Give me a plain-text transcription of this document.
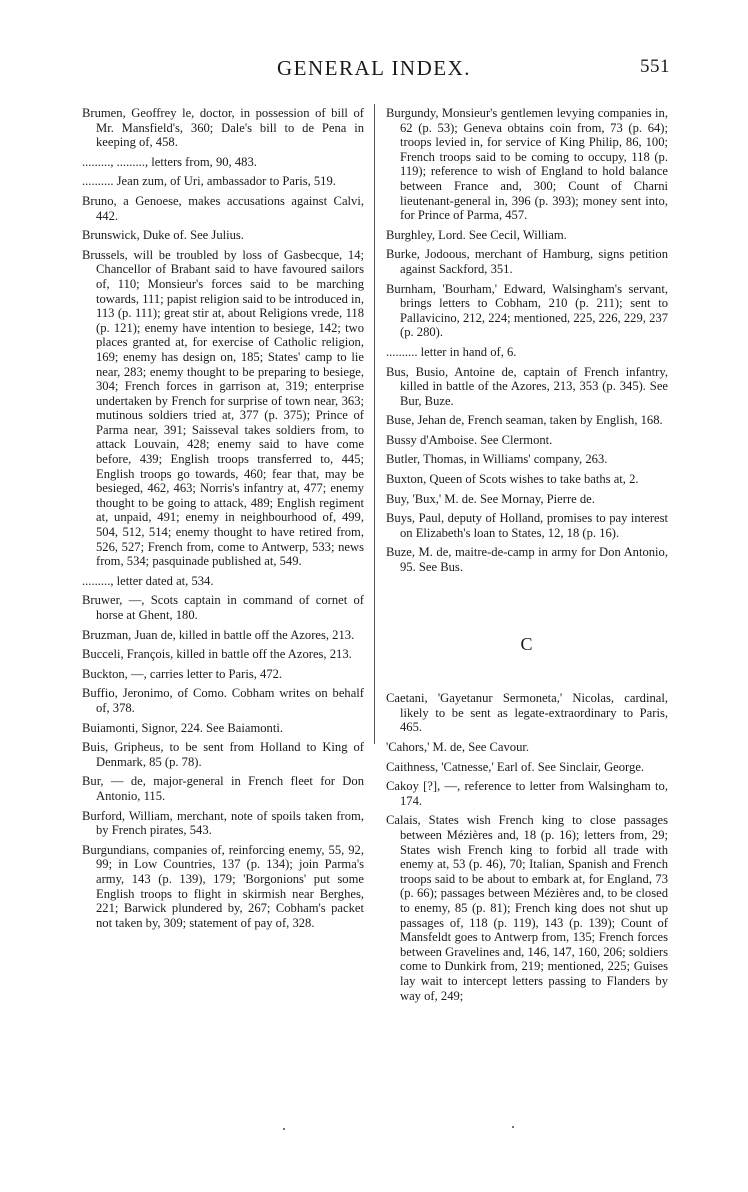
GENERAL INDEX.	551
Brumen, Geoffrey le, doctor, in possession of bill of Mr. Mansfield's, 360; Dale's bill to de Pena in keeping of, 458.
........., ........., letters from, 90, 483.
.......... Jean zum, of Uri, ambassador to Paris, 519.
Bruno, a Genoese, makes accusations against Calvi, 442.
Brunswick, Duke of. See Julius.
Brussels, will be troubled by loss of Gasbecque, 14; Chancellor of Brabant said to have favoured sailors of, 110; Monsieur's forces said to be marching towards, 111; papist religion said to be introduced in, 113 (p. 111); great stir at, about Religions vrede, 118 (p. 121); enemy have intention to besiege, 142; two places granted at, for exercise of Catholic religion, 169; enemy has design on, 185; States' camp to lie near, 283; enemy thought to be preparing to besiege, 304; French forces in garrison at, 319; enterprise undertaken by French for surprise of town near, 363; mutinous soldiers tried at, 377 (p. 375); Prince of Parma near, 391; Saisseval takes soldiers from, to attack Louvain, 428; enemy said to have come before, 439; English troops transferred to, 445; English troops go towards, 460; fear that, may be besieged, 462, 463; Norris's infantry at, 477; enemy thought to be going to attack, 489; English regiment at, unpaid, 491; enemy in neighbourhood of, 499, 504, 512, 514; enemy thought to have retired from, 526, 527; French from, come to Antwerp, 533; news from, 534; pasquinade published at, 549.
........., letter dated at, 534.
Bruwer, —, Scots captain in command of cornet of horse at Ghent, 180.
Bruzman, Juan de, killed in battle off the Azores, 213.
Bucceli, François, killed in battle off the Azores, 213.
Buckton, —, carries letter to Paris, 472.
Buffio, Jeronimo, of Como. Cobham writes on behalf of, 378.
Buiamonti, Signor, 224. See Baiamonti.
Buis, Gripheus, to be sent from Holland to King of Denmark, 85 (p. 78).
Bur, — de, major-general in French fleet for Don Antonio, 115.
Burford, William, merchant, note of spoils taken from, by French pirates, 543.
Burgundians, companies of, reinforcing enemy, 55, 92, 99; in Low Countries, 137 (p. 134); join Parma's army, 143 (p. 139), 179; 'Borgonions' put some English troops to flight in skirmish near Berghes, 221; Barwick plundered by, 267; Cobham's packet not taken by, 309; statement of pay of, 328.
Burgundy, Monsieur's gentlemen levying companies in, 62 (p. 53); Geneva obtains coin from, 73 (p. 64); troops levied in, for service of King Philip, 86, 100; French troops said to be coming to occupy, 118 (p. 119); reference to wish of England to hold balance between France and, 300; Count of Charni lieutenant-general in, 396 (p. 393); money sent into, for Prince of Parma, 457.
Burghley, Lord. See Cecil, William.
Burke, Jodoous, merchant of Hamburg, signs petition against Sackford, 351.
Burnham, 'Bourham,' Edward, Walsingham's servant, brings letters to Cobham, 210 (p. 211); sent to Pallavicino, 212, 224; mentioned, 225, 226, 229, 237 (p. 280).
.......... letter in hand of, 6.
Bus, Busio, Antoine de, captain of French infantry, killed in battle of the Azores, 213, 353 (p. 345). See Bur, Buze.
Buse, Jehan de, French seaman, taken by English, 168.
Bussy d'Amboise. See Clermont.
Butler, Thomas, in Williams' company, 263.
Buxton, Queen of Scots wishes to take baths at, 2.
Buy, 'Bux,' M. de. See Mornay, Pierre de.
Buys, Paul, deputy of Holland, promises to pay interest on Elizabeth's loan to States, 12, 18 (p. 16).
Buze, M. de, maitre-de-camp in army for Don Antonio, 95. See Bus.
C
Caetani, 'Gayetanur Sermoneta,' Nicolas, cardinal, likely to be sent as legate-extraordinary to Paris, 465.
'Cahors,' M. de, See Cavour.
Caithness, 'Catnesse,' Earl of. See Sinclair, George.
Cakoy [?], —, reference to letter from Walsingham to, 174.
Calais, States wish French king to close passages between Mézières and, 18 (p. 16); letters from, 29; States wish French king to forbid all trade with enemy at, 53 (p. 46), 70; Italian, Spanish and French troops said to be about to embark at, for England, 73 (p. 66); passages between Mézières and, to be closed to enemy, 85 (p. 81); French king does not shut up passages of, 118 (p. 119), 143 (p. 139); Count of Mansfeldt goes to Antwerp from, 135; French forces between Gravelines and, 146, 147, 160, 206; soldiers come to Dunkirk from, 219; mentioned, 225; Guises lay wait to intercept letters passing to Flanders by way of, 249;
